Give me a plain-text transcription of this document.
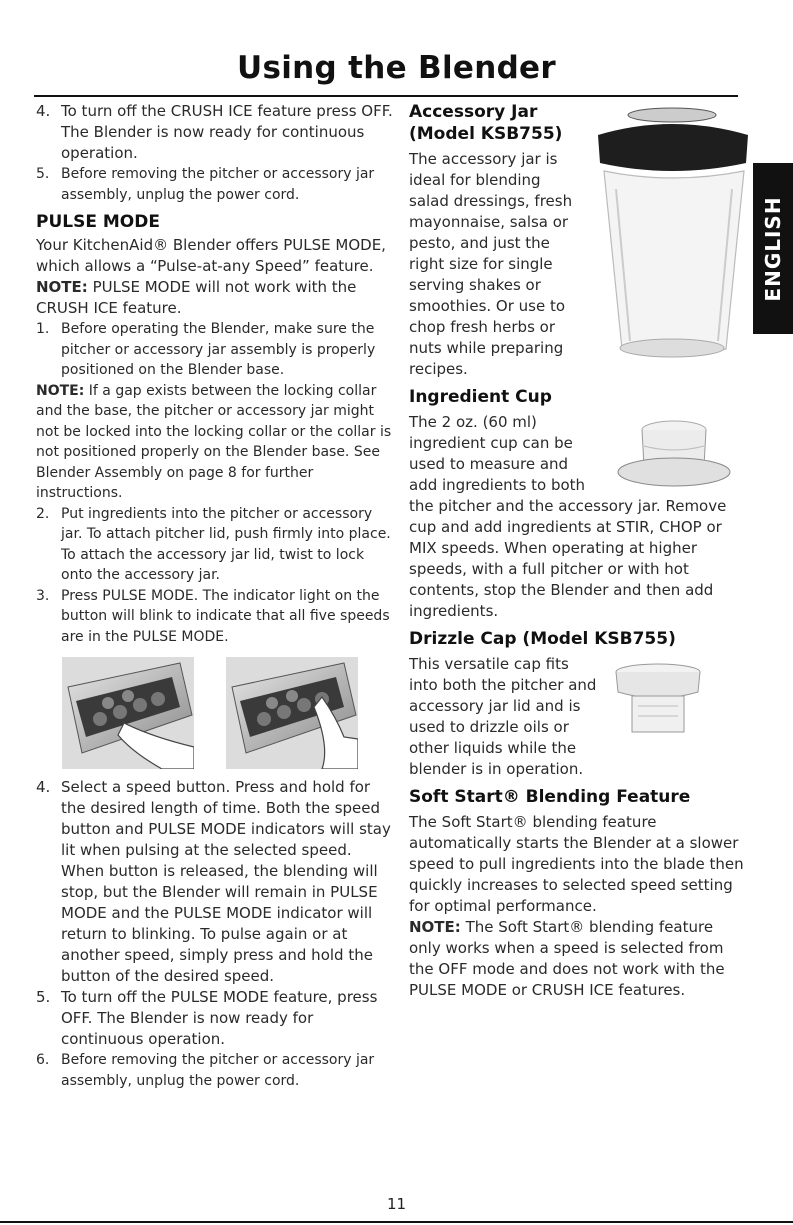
Using the Blender
ENGLISH
4. To turn off the CRUSH ICE feature press OFF. The Blender is now ready for continuous operation.
5. Before removing the pitcher or accessory jar assembly, unplug the power cord.
PULSE MODE
Your KitchenAid® Blender offers PULSE MODE, which allows a “Pulse-at-any Speed” feature.
NOTE: PULSE MODE will not work with the CRUSH ICE feature.
1. Before operating the Blender, make sure the pitcher or accessory jar assembly is properly positioned on the Blender base.
NOTE: If a gap exists between the locking collar and the base, the pitcher or accessory jar might not be locked into the locking collar or the collar is not positioned properly on the Blender base. See Blender Assembly on page 8 for further instructions.
2. Put ingredients into the pitcher or accessory jar. To attach pitcher lid, push firmly into place. To attach the accessory jar lid, twist to lock onto the accessory jar.
3. Press PULSE MODE. The indicator light on the button will blink to indicate that all five speeds are in the PULSE MODE.
4. Select a speed button. Press and hold for the desired length of time. Both the speed button and PULSE MODE indicators will stay lit when pulsing at the selected speed. When button is released, the blending will stop, but the Blender will remain in PULSE MODE and the PULSE MODE indicator will return to blinking. To pulse again or at another speed, simply press and hold the button of the desired speed.
5. To turn off the PULSE MODE feature, press OFF. The Blender is now ready for continuous operation.
6. Before removing the pitcher or accessory jar assembly, unplug the power cord.
Accessory Jar
(Model KSB755)
The accessory jar is ideal for blending salad dressings, fresh mayonnaise, salsa or pesto, and just the right size for single serving shakes or smoothies. Or use to chop fresh herbs or nuts while preparing recipes.
Ingredient Cup
The 2 oz. (60 ml) ingredient cup can be used to measure and add ingredients to both the pitcher and the accessory jar. Remove cup and add ingredients at STIR, CHOP or MIX speeds. When operating at higher speeds, with a full pitcher or with hot contents, stop the Blender and then add ingredients.
Drizzle Cap (Model KSB755)
This versatile cap fits into both the pitcher and accessory jar lid and is used to drizzle oils or other liquids while the blender is in operation.
Soft Start® Blending Feature
The Soft Start® blending feature automatically starts the Blender at a slower speed to pull ingredients into the blade then quickly increases to selected speed setting for optimal performance.
NOTE: The Soft Start® blending feature only works when a speed is selected from the OFF mode and does not work with the PULSE MODE or CRUSH ICE features.
11
